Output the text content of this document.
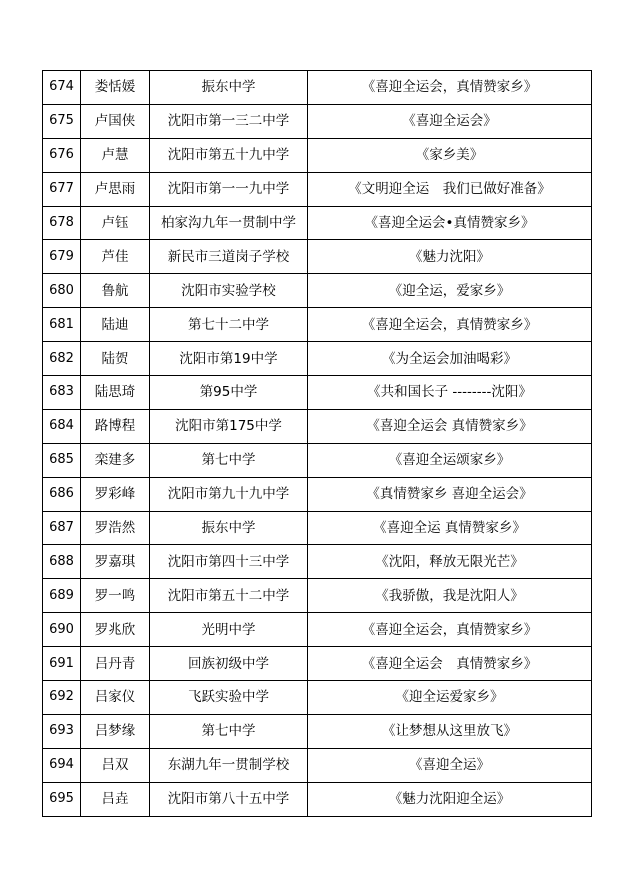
674	娄恬媛	振东中学	《喜迎全运会，真情赞家乡》
675	卢国侠	沈阳市第一三二中学	《喜迎全运会》
676	卢慧	沈阳市第五十九中学	《家乡美》
677	卢思雨	沈阳市第一一九中学	《文明迎全运　我们已做好准备》
678	卢钰	柏家沟九年一贯制中学	《喜迎全运会•真情赞家乡》
679	芦佳	新民市三道岗子学校	《魅力沈阳》
680	鲁航	沈阳市实验学校	《迎全运，爱家乡》
681	陆迪	第七十二中学	《喜迎全运会，真情赞家乡》
682	陆贺	沈阳市第19中学	《为全运会加油喝彩》
683	陆思琦	第95中学	《共和国长子 --------沈阳》
684	路博程	沈阳市第175中学	《喜迎全运会 真情赞家乡》
685	栾建多	第七中学	《喜迎全运颂家乡》
686	罗彩峰	沈阳市第九十九中学	《真情赞家乡 喜迎全运会》
687	罗浩然	振东中学	《喜迎全运 真情赞家乡》
688	罗嘉琪	沈阳市第四十三中学	《沈阳，释放无限光芒》
689	罗一鸣	沈阳市第五十二中学	《我骄傲，我是沈阳人》
690	罗兆欣	光明中学	《喜迎全运会，真情赞家乡》
691	吕丹青	回族初级中学	《喜迎全运会　真情赞家乡》
692	吕家仪	飞跃实验中学	《迎全运爱家乡》
693	吕梦缘	第七中学	《让梦想从这里放飞》
694	吕双	东湖九年一贯制学校	《喜迎全运》
695	吕垚	沈阳市第八十五中学	《魅力沈阳迎全运》
